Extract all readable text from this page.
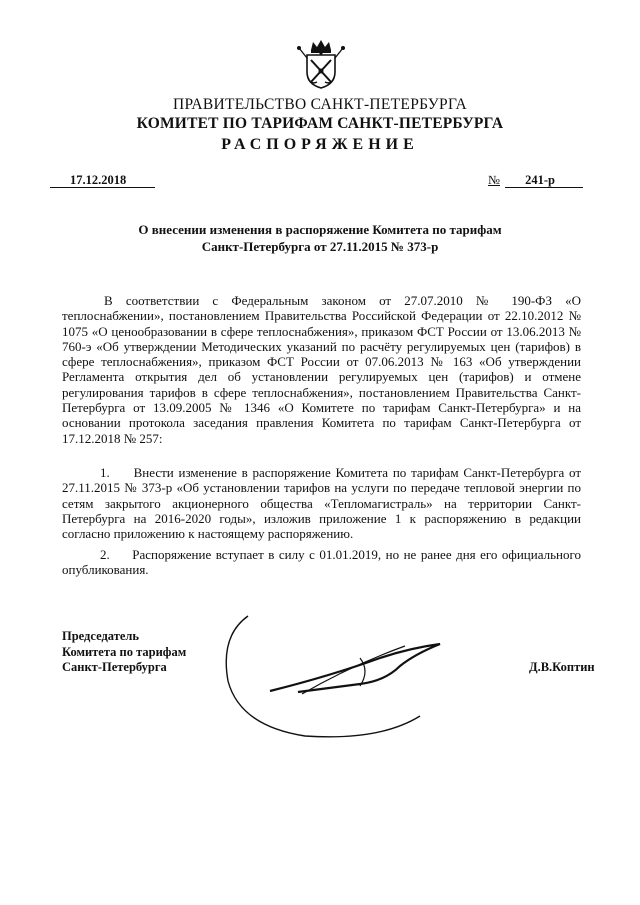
ПРАВИТЕЛЬСТВО САНКТ-ПЕТЕРБУРГА
КОМИТЕТ ПО ТАРИФАМ САНКТ-ПЕТЕРБУРГА
РАСПОРЯЖЕНИЕ
17.12.2018	№ 241-р
О внесении изменения в распоряжение Комитета по тарифам
Санкт-Петербурга от 27.11.2015 № 373-р
В соответствии с Федеральным законом от 27.07.2010 № 190-ФЗ «О теплоснабжении», постановлением Правительства Российской Федерации от 22.10.2012 № 1075 «О ценообразовании в сфере теплоснабжения», приказом ФСТ России от 13.06.2013 № 760-э «Об утверждении Методических указаний по расчёту регулируемых цен (тарифов) в сфере теплоснабжения», приказом ФСТ России от 07.06.2013 № 163 «Об утверждении Регламента открытия дел об установлении регулируемых цен (тарифов) и отмене регулирования тарифов в сфере теплоснабжения», постановлением Правительства Санкт-Петербурга от 13.09.2005 № 1346 «О Комитете по тарифам Санкт-Петербурга» и на основании протокола заседания правления Комитета по тарифам Санкт-Петербурга от 17.12.2018 № 257:
1.     Внести изменение в распоряжение Комитета по тарифам Санкт-Петербурга от 27.11.2015 № 373-р «Об установлении тарифов на услуги по передаче тепловой энергии по сетям закрытого акционерного общества «Тепломагистраль» на территории Санкт-Петербурга на 2016-2020 годы», изложив приложение 1 к распоряжению в редакции согласно приложению к настоящему распоряжению.
2.     Распоряжение вступает в силу с 01.01.2019, но не ранее дня его официального опубликования.
Председатель
Комитета по тарифам
Санкт-Петербурга	Д.В.Коптин
